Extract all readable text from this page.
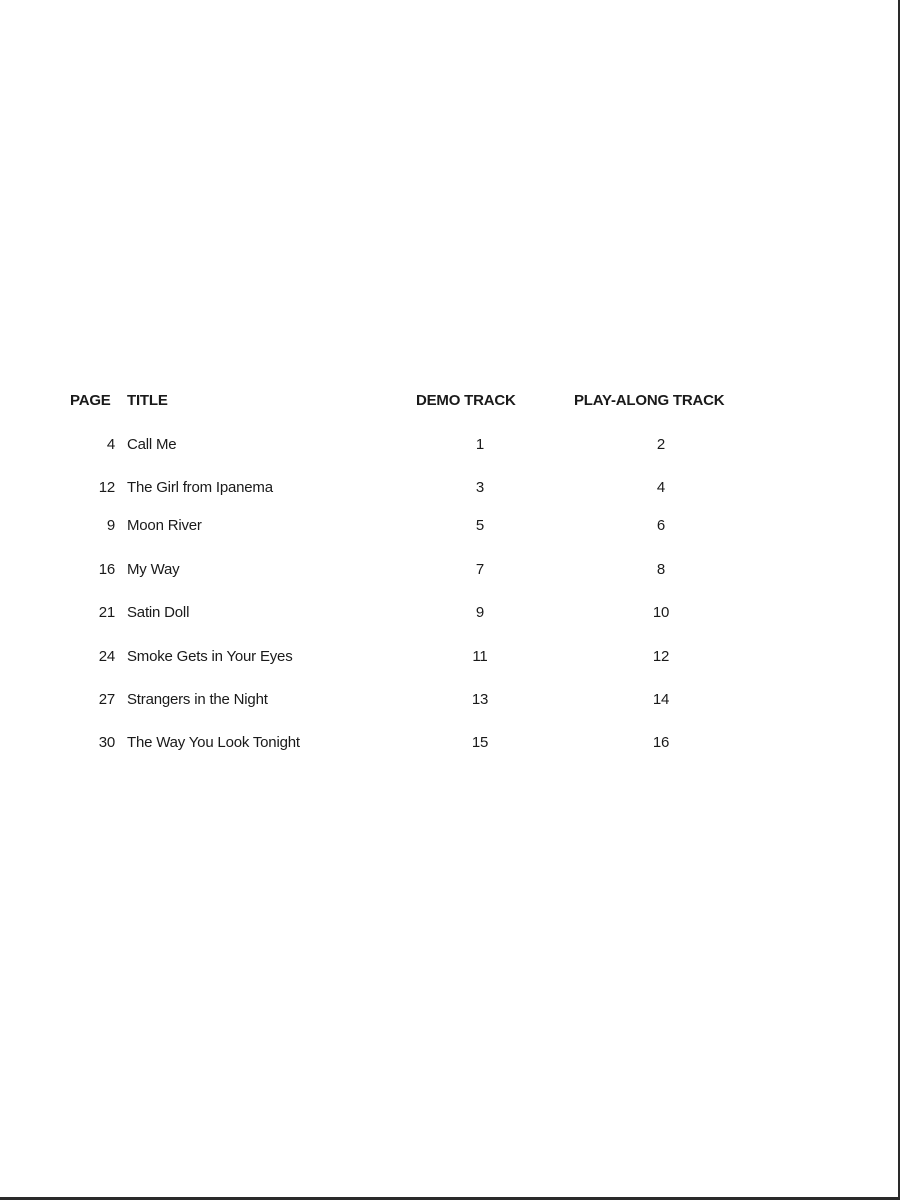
PAGE TITLE	DEMO TRACK	PLAY-ALONG TRACK
4 Call Me	1	2
12 The Girl from Ipanema	3	4
9 Moon River	5	6
16 My Way	7	8
21 Satin Doll	9	10
24 Smoke Gets in Your Eyes	11	12
27 Strangers in the Night	13	14
30 The Way You Look Tonight	15	16
